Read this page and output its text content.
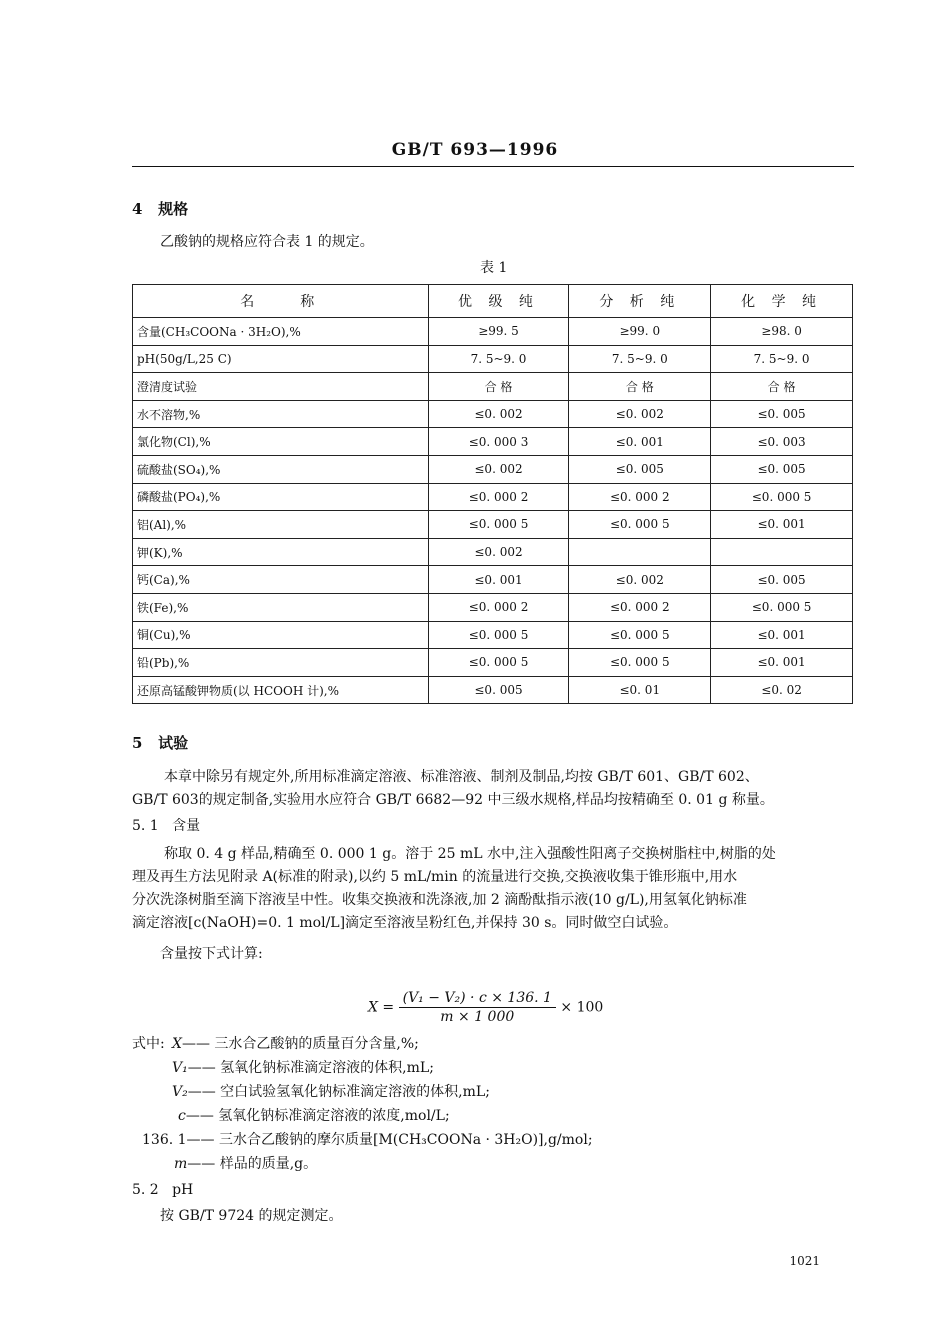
GB/T 693—1996
4 规格
乙酸钠的规格应符合表 1 的规定。
表 1
名　　称	优 级 纯	分 析 纯	化 学 纯
含量(CH₃COONa · 3H₂O),%	≥99. 5	≥99. 0	≥98. 0
pH(50g/L,25 C)	7. 5~9. 0	7. 5~9. 0	7. 5~9. 0
澄清度试验	合 格	合 格	合 格
水不溶物,%	≤0. 002	≤0. 002	≤0. 005
氯化物(Cl),%	≤0. 000 3	≤0. 001	≤0. 003
硫酸盐(SO₄),%	≤0. 002	≤0. 005	≤0. 005
磷酸盐(PO₄),%	≤0. 000 2	≤0. 000 2	≤0. 000 5
铝(Al),%	≤0. 000 5	≤0. 000 5	≤0. 001
钾(K),%	≤0. 002		
钙(Ca),%	≤0. 001	≤0. 002	≤0. 005
铁(Fe),%	≤0. 000 2	≤0. 000 2	≤0. 000 5
铜(Cu),%	≤0. 000 5	≤0. 000 5	≤0. 001
铅(Pb),%	≤0. 000 5	≤0. 000 5	≤0. 001
还原高锰酸钾物质(以 HCOOH 计),%	≤0. 005	≤0. 01	≤0. 02
5 试验
本章中除另有规定外,所用标准滴定溶液、标准溶液、制剂及制品,均按 GB/T 601、GB/T 602、
GB/T 603的规定制备,实验用水应符合 GB/T 6682—92 中三级水规格,样品均按精确至 0. 01 g 称量。
5. 1 含量
称取 0. 4 g 样品,精确至 0. 000 1 g。溶于 25 mL 水中,注入强酸性阳离子交换树脂柱中,树脂的处
理及再生方法见附录 A(标准的附录),以约 5 mL/min 的流量进行交换,交换液收集于锥形瓶中,用水
分次洗涤树脂至滴下溶液呈中性。收集交换液和洗涤液,加 2 滴酚酞指示液(10 g/L),用氢氧化钠标准
滴定溶液[c(NaOH)=0. 1 mol/L]滴定至溶液呈粉红色,并保持 30 s。同时做空白试验。
含量按下式计算:
$X = \frac{\text{(V₁ − V₂) · c × 136. 1}}{m \times 1 000} \times 100$
式中: X—— 三水合乙酸钠的质量百分含量,%;
V₁—— 氢氧化钠标准滴定溶液的体积,mL;
V₂—— 空白试验氢氧化钠标准滴定溶液的体积,mL;
c—— 氢氧化钠标准滴定溶液的浓度,mol/L;
136. 1—— 三水合乙酸钠的摩尔质量[M(CH₃COONa · 3H₂O)],g/mol;
m—— 样品的质量,g。
5. 2 pH
按 GB/T 9724 的规定测定。
1021
